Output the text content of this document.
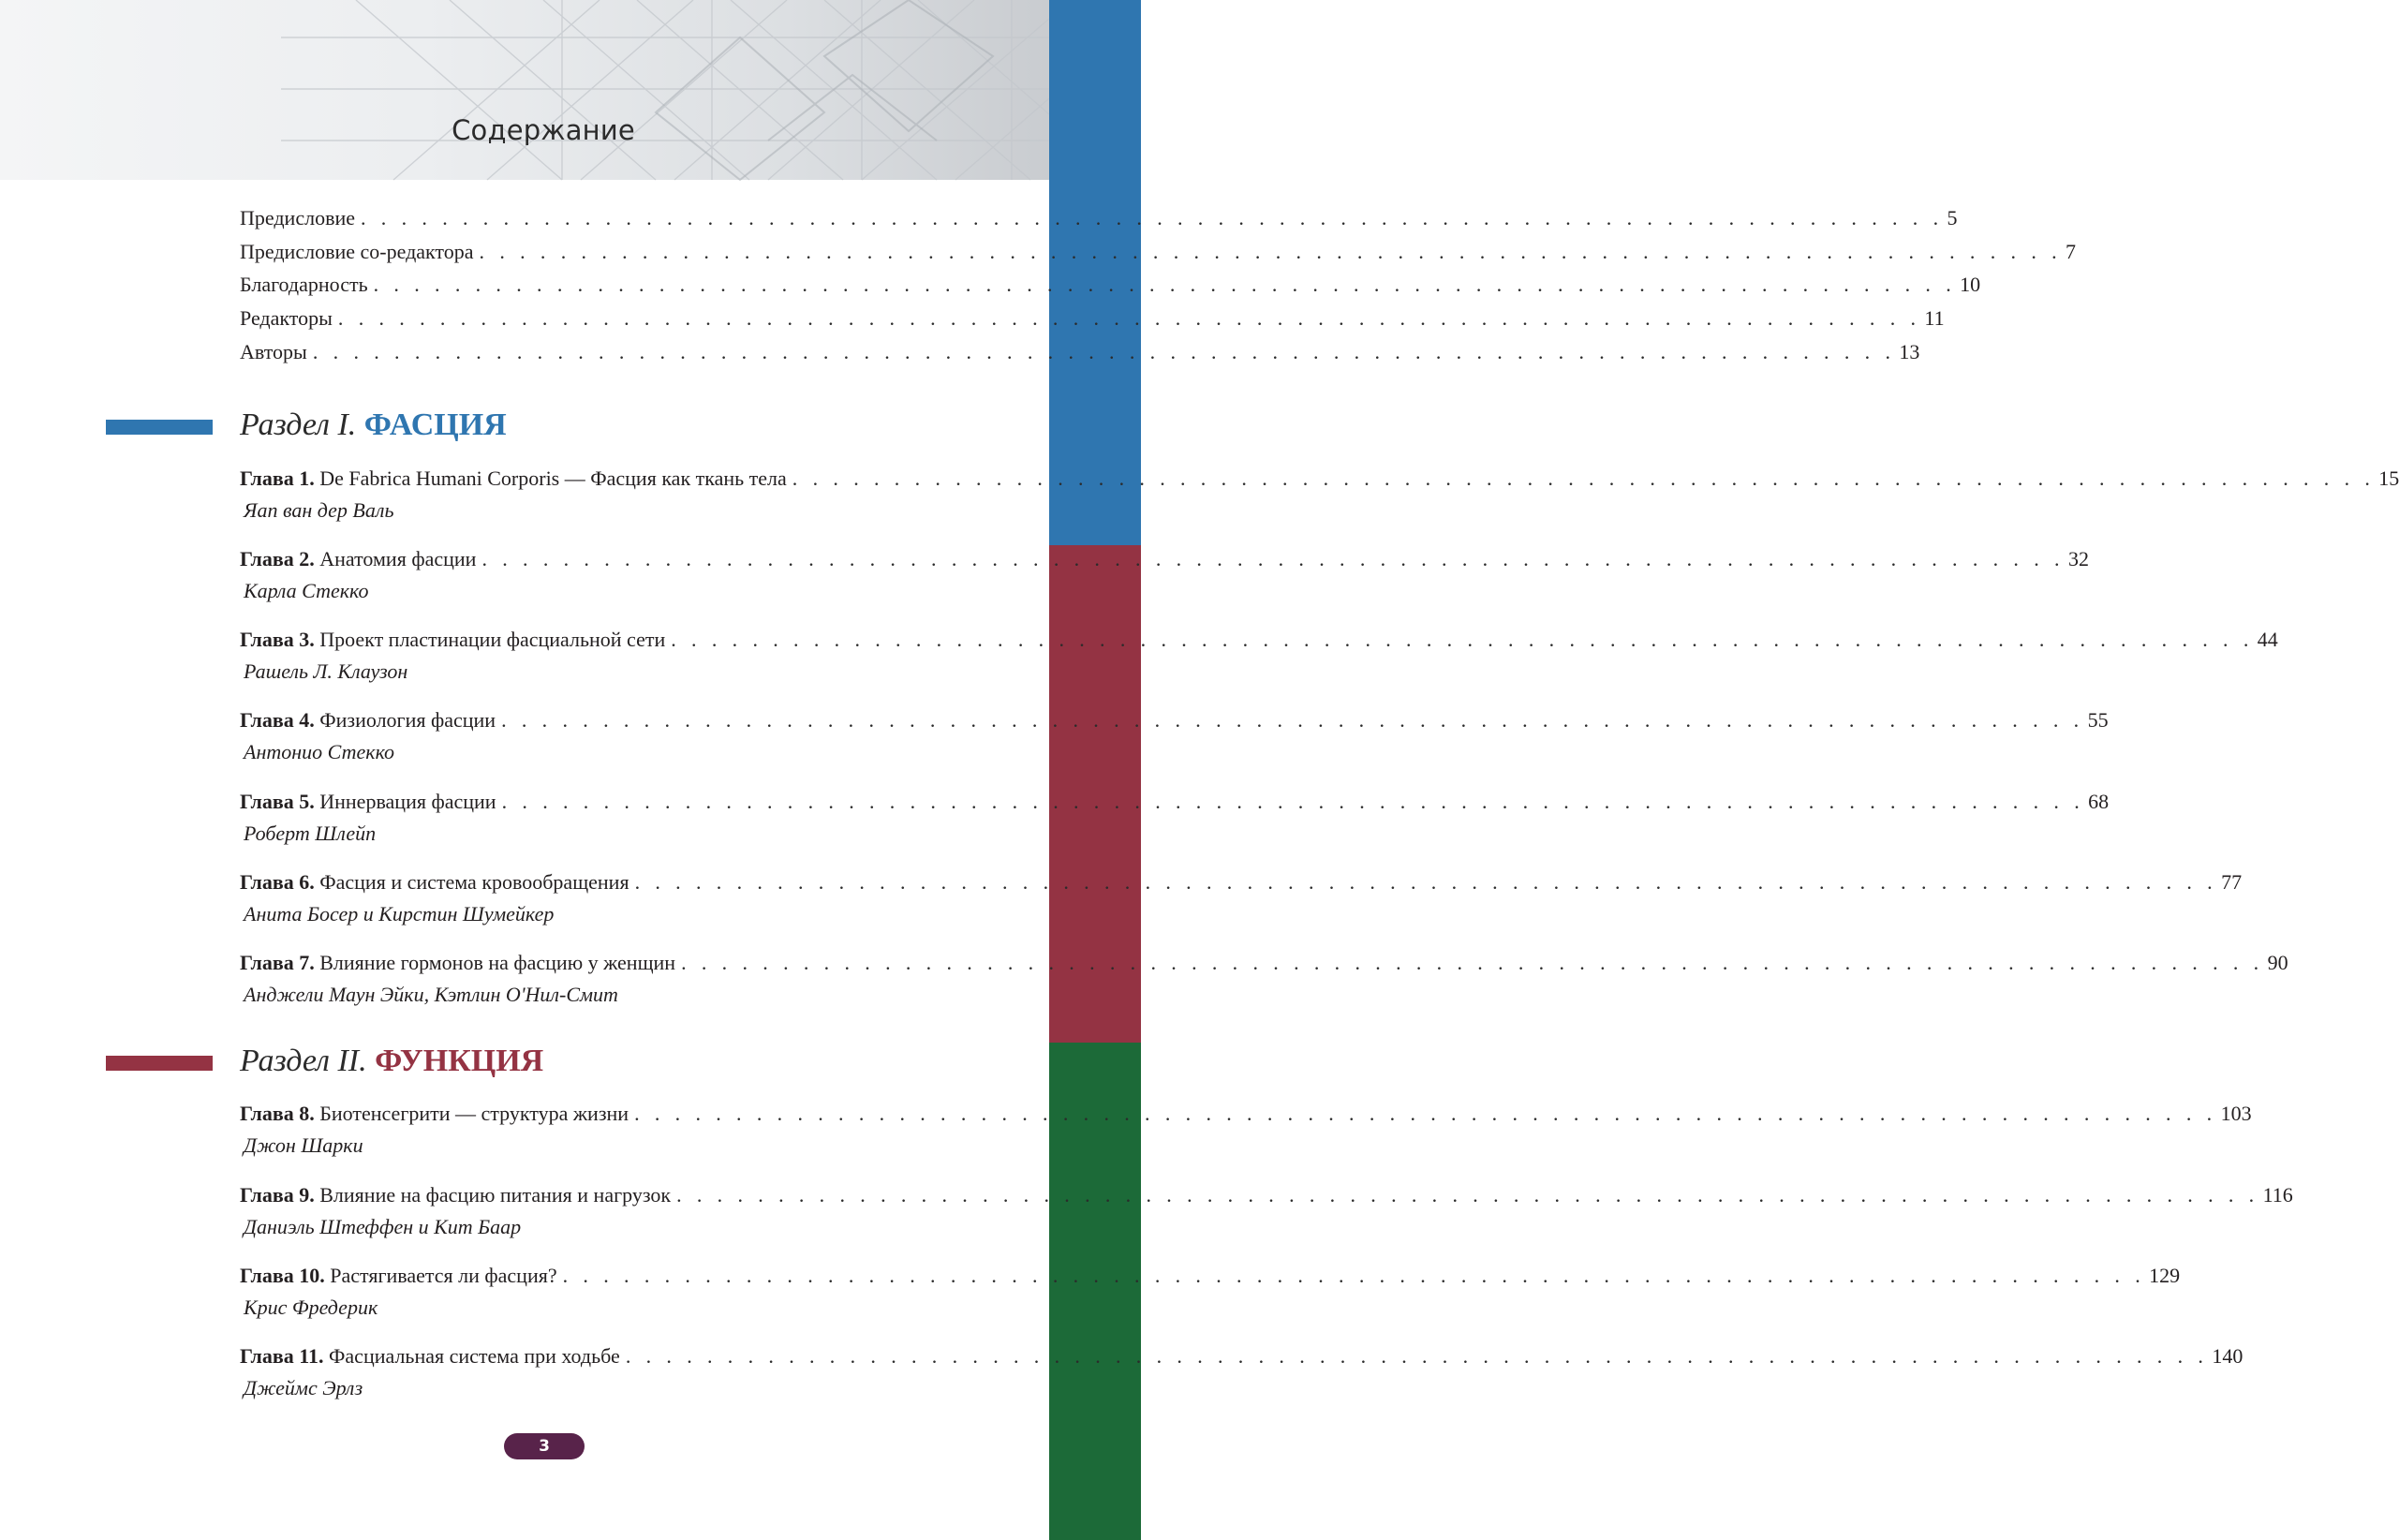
Содержание
Предисловие . . . . . . . . . . . . . . . . . . . . . . . . . . . . . . . . . . . . . . . . . . . . . . . . . . . . . . . . . . . . . . . . . . . . . . . . . . . . . . 5
Предисловие со-редактора . . . . . . . . . . . . . . . . . . . . . . . . . . . . . . . . . . . . . . . . . . . . . . . . . . . . . . . . . . . . . . . . . . . . . . . . . . . . . . 7
Благодарность . . . . . . . . . . . . . . . . . . . . . . . . . . . . . . . . . . . . . . . . . . . . . . . . . . . . . . . . . . . . . . . . . . . . . . . . . . . . . . 10
Редакторы . . . . . . . . . . . . . . . . . . . . . . . . . . . . . . . . . . . . . . . . . . . . . . . . . . . . . . . . . . . . . . . . . . . . . . . . . . . . . . 11
Авторы . . . . . . . . . . . . . . . . . . . . . . . . . . . . . . . . . . . . . . . . . . . . . . . . . . . . . . . . . . . . . . . . . . . . . . . . . . . . . . 13
Раздел I. ФАСЦИЯ
Глава 1. De Fabrica Humani Corporis — Фасция как ткань тела . . . . . . . . . . . . . . . . . . . . . . . . . . . . . . . . . . . . . . . . . . . . . . . . . . . . . . . . . . . . . . . . . . . . . . . . . . . . . . 15
Яап ван дер Валь
Глава 2. Анатомия фасции . . . . . . . . . . . . . . . . . . . . . . . . . . . . . . . . . . . . . . . . . . . . . . . . . . . . . . . . . . . . . . . . . . . . . . . . . . . . . . 32
Карла Стекко
Глава 3. Проект пластинации фасциальной сети . . . . . . . . . . . . . . . . . . . . . . . . . . . . . . . . . . . . . . . . . . . . . . . . . . . . . . . . . . . . . . . . . . . . . . . . . . . . . . 44
Рашель Л. Клаузон
Глава 4. Физиология фасции . . . . . . . . . . . . . . . . . . . . . . . . . . . . . . . . . . . . . . . . . . . . . . . . . . . . . . . . . . . . . . . . . . . . . . . . . . . . . . 55
Антонио Стекко
Глава 5. Иннервация фасции . . . . . . . . . . . . . . . . . . . . . . . . . . . . . . . . . . . . . . . . . . . . . . . . . . . . . . . . . . . . . . . . . . . . . . . . . . . . . . 68
Роберт Шлейп
Глава 6. Фасция и система кровообращения . . . . . . . . . . . . . . . . . . . . . . . . . . . . . . . . . . . . . . . . . . . . . . . . . . . . . . . . . . . . . . . . . . . . . . . . . . . . . . 77
Анита Босер и Кирстин Шумейкер
Глава 7. Влияние гормонов на фасцию у женщин . . . . . . . . . . . . . . . . . . . . . . . . . . . . . . . . . . . . . . . . . . . . . . . . . . . . . . . . . . . . . . . . . . . . . . . . . . . . . . 90
Анджели Маун Эйки, Кэтлин О'Нил-Смит
Раздел II. ФУНКЦИЯ
Глава 8. Биотенсегрити — структура жизни . . . . . . . . . . . . . . . . . . . . . . . . . . . . . . . . . . . . . . . . . . . . . . . . . . . . . . . . . . . . . . . . . . . . . . . . . . . . . . 103
Джон Шарки
Глава 9. Влияние на фасцию питания и нагрузок . . . . . . . . . . . . . . . . . . . . . . . . . . . . . . . . . . . . . . . . . . . . . . . . . . . . . . . . . . . . . . . . . . . . . . . . . . . . . . 116
Даниэль Штеффен и Кит Баар
Глава 10. Растягивается ли фасция? . . . . . . . . . . . . . . . . . . . . . . . . . . . . . . . . . . . . . . . . . . . . . . . . . . . . . . . . . . . . . . . . . . . . . . . . . . . . . . 129
Крис Фредерик
Глава 11. Фасциальная система при ходьбе . . . . . . . . . . . . . . . . . . . . . . . . . . . . . . . . . . . . . . . . . . . . . . . . . . . . . . . . . . . . . . . . . . . . . . . . . . . . . . 140
Джеймс Эрлз
3
